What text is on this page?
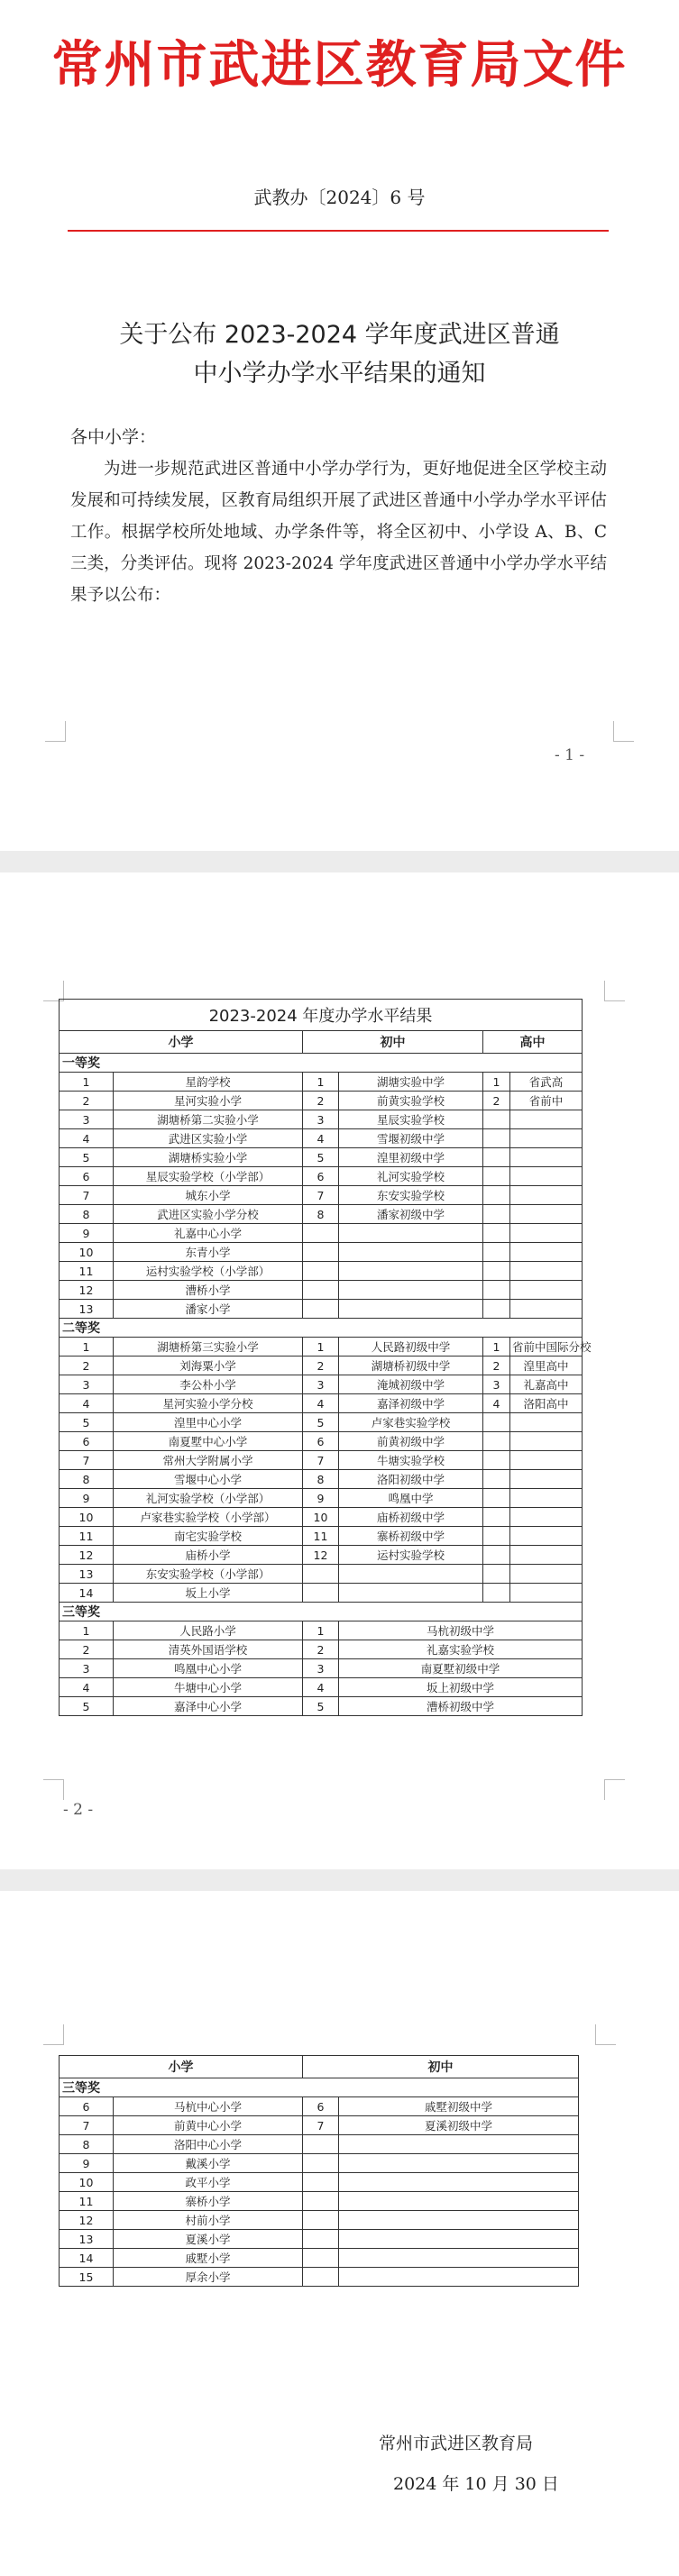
常州市武进区教育局文件
武教办〔2024〕6 号
关于公布 2023-2024 学年度武进区普通
中小学办学水平结果的通知
各中小学：
为进一步规范武进区普通中小学办学行为，更好地促进全区学校主动发展和可持续发展，区教育局组织开展了武进区普通中小学办学水平评估工作。根据学校所处地域、办学条件等，将全区初中、小学设 A、B、C 三类，分类评估。现将 2023-2024 学年度武进区普通中小学办学水平结果予以公布：
- 1 -
2023-2024 年度办学水平结果					
小学		初中		高中	
一等奖					
1	星韵学校	1	湖塘实验中学	1	省武高
2	星河实验小学	2	前黄实验学校	2	省前中
3	湖塘桥第二实验小学	3	星辰实验学校		
4	武进区实验小学	4	雪堰初级中学		
5	湖塘桥实验小学	5	湟里初级中学		
6	星辰实验学校（小学部）	6	礼河实验学校		
7	城东小学	7	东安实验学校		
8	武进区实验小学分校	8	潘家初级中学		
9	礼嘉中心小学				
10	东青小学				
11	运村实验学校（小学部）				
12	漕桥小学				
13	潘家小学				
二等奖					
1	湖塘桥第三实验小学	1	人民路初级中学	1	省前中国际分校
2	刘海粟小学	2	湖塘桥初级中学	2	湟里高中
3	李公朴小学	3	淹城初级中学	3	礼嘉高中
4	星河实验小学分校	4	嘉泽初级中学	4	洛阳高中
5	湟里中心小学	5	卢家巷实验学校		
6	南夏墅中心小学	6	前黄初级中学		
7	常州大学附属小学	7	牛塘实验学校		
8	雪堰中心小学	8	洛阳初级中学		
9	礼河实验学校（小学部）	9	鸣凰中学		
10	卢家巷实验学校（小学部）	10	庙桥初级中学		
11	南宅实验学校	11	寨桥初级中学		
12	庙桥小学	12	运村实验学校		
13	东安实验学校（小学部）				
14	坂上小学				
三等奖					
1	人民路小学	1	马杭初级中学		
2	清英外国语学校	2	礼嘉实验学校		
3	鸣凰中心小学	3	南夏墅初级中学		
4	牛塘中心小学	4	坂上初级中学		
5	嘉泽中心小学	5	漕桥初级中学		
- 2 -
小学		初中	
三等奖			
6	马杭中心小学	6	戚墅初级中学
7	前黄中心小学	7	夏溪初级中学
8	洛阳中心小学		
9	戴溪小学		
10	政平小学		
11	寨桥小学		
12	村前小学		
13	夏溪小学		
14	戚墅小学		
15	厚余小学		
常州市武进区教育局
2024 年 10 月 30 日
